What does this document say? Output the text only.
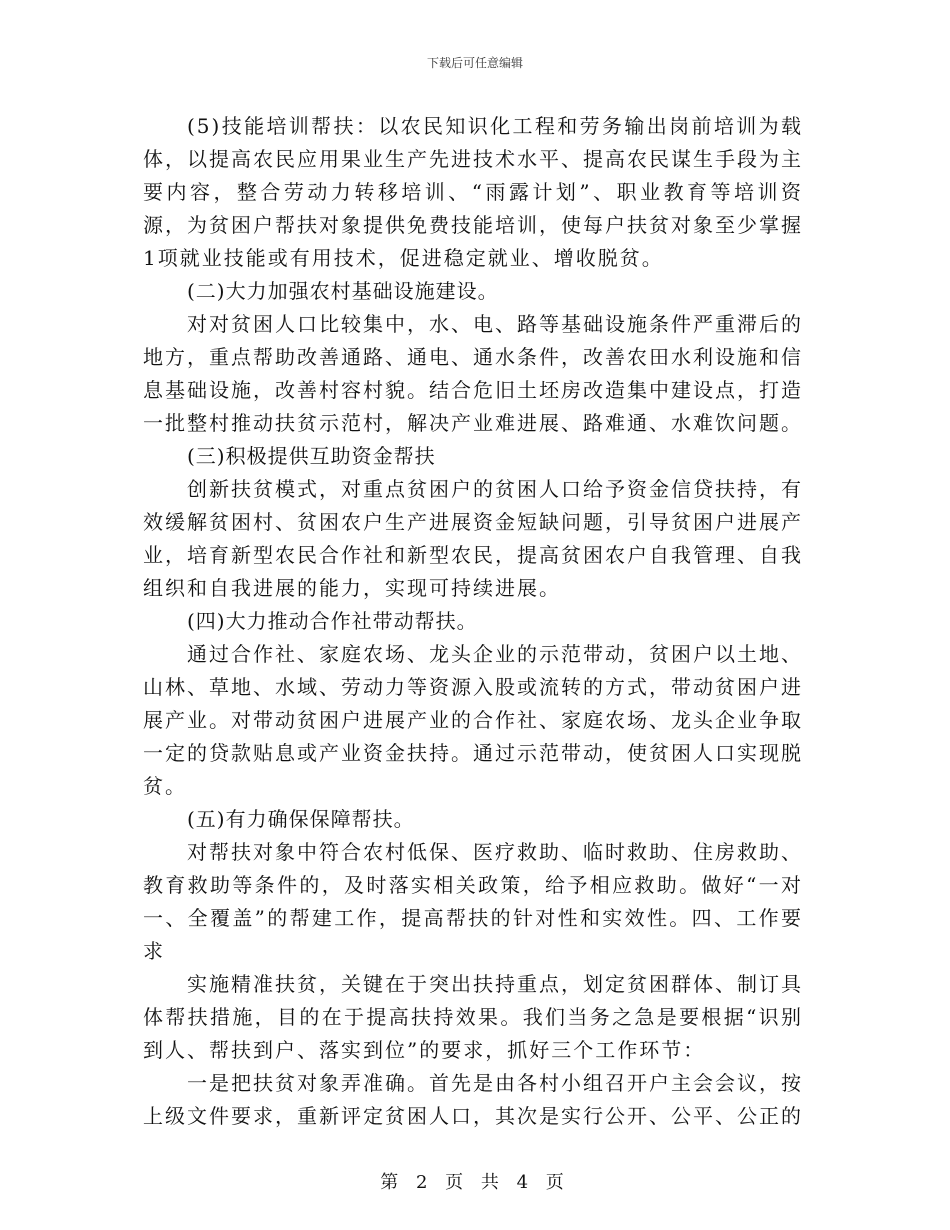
下载后可任意编辑

(5)技能培训帮扶：以农民知识化工程和劳务输出岗前培训为载体，以提高农民应用果业生产先进技术水平、提高农民谋生手段为主要内容，整合劳动力转移培训、“雨露计划”、职业教育等培训资源，为贫困户帮扶对象提供免费技能培训，使每户扶贫对象至少掌握1项就业技能或有用技术，促进稳定就业、增收脱贫。

(二)大力加强农村基础设施建设。

对对贫困人口比较集中，水、电、路等基础设施条件严重滞后的地方，重点帮助改善通路、通电、通水条件，改善农田水利设施和信息基础设施，改善村容村貌。结合危旧土坯房改造集中建设点，打造一批整村推动扶贫示范村，解决产业难进展、路难通、水难饮问题。

(三)积极提供互助资金帮扶

创新扶贫模式，对重点贫困户的贫困人口给予资金信贷扶持，有效缓解贫困村、贫困农户生产进展资金短缺问题，引导贫困户进展产业，培育新型农民合作社和新型农民，提高贫困农户自我管理、自我组织和自我进展的能力，实现可持续进展。

(四)大力推动合作社带动帮扶。

通过合作社、家庭农场、龙头企业的示范带动，贫困户以土地、山林、草地、水域、劳动力等资源入股或流转的方式，带动贫困户进展产业。对带动贫困户进展产业的合作社、家庭农场、龙头企业争取一定的贷款贴息或产业资金扶持。通过示范带动，使贫困人口实现脱贫。

(五)有力确保保障帮扶。

对帮扶对象中符合农村低保、医疗救助、临时救助、住房救助、教育救助等条件的，及时落实相关政策，给予相应救助。做好“一对一、全覆盖”的帮建工作，提高帮扶的针对性和实效性。四、工作要求

实施精准扶贫，关键在于突出扶持重点，划定贫困群体、制订具体帮扶措施，目的在于提高扶持效果。我们当务之急是要根据“识别到人、帮扶到户、落实到位”的要求，抓好三个工作环节：

一是把扶贫对象弄准确。首先是由各村小组召开户主会会议，按上级文件要求，重新评定贫困人口，其次是实行公开、公平、公正的

第 2 页 共 4 页
